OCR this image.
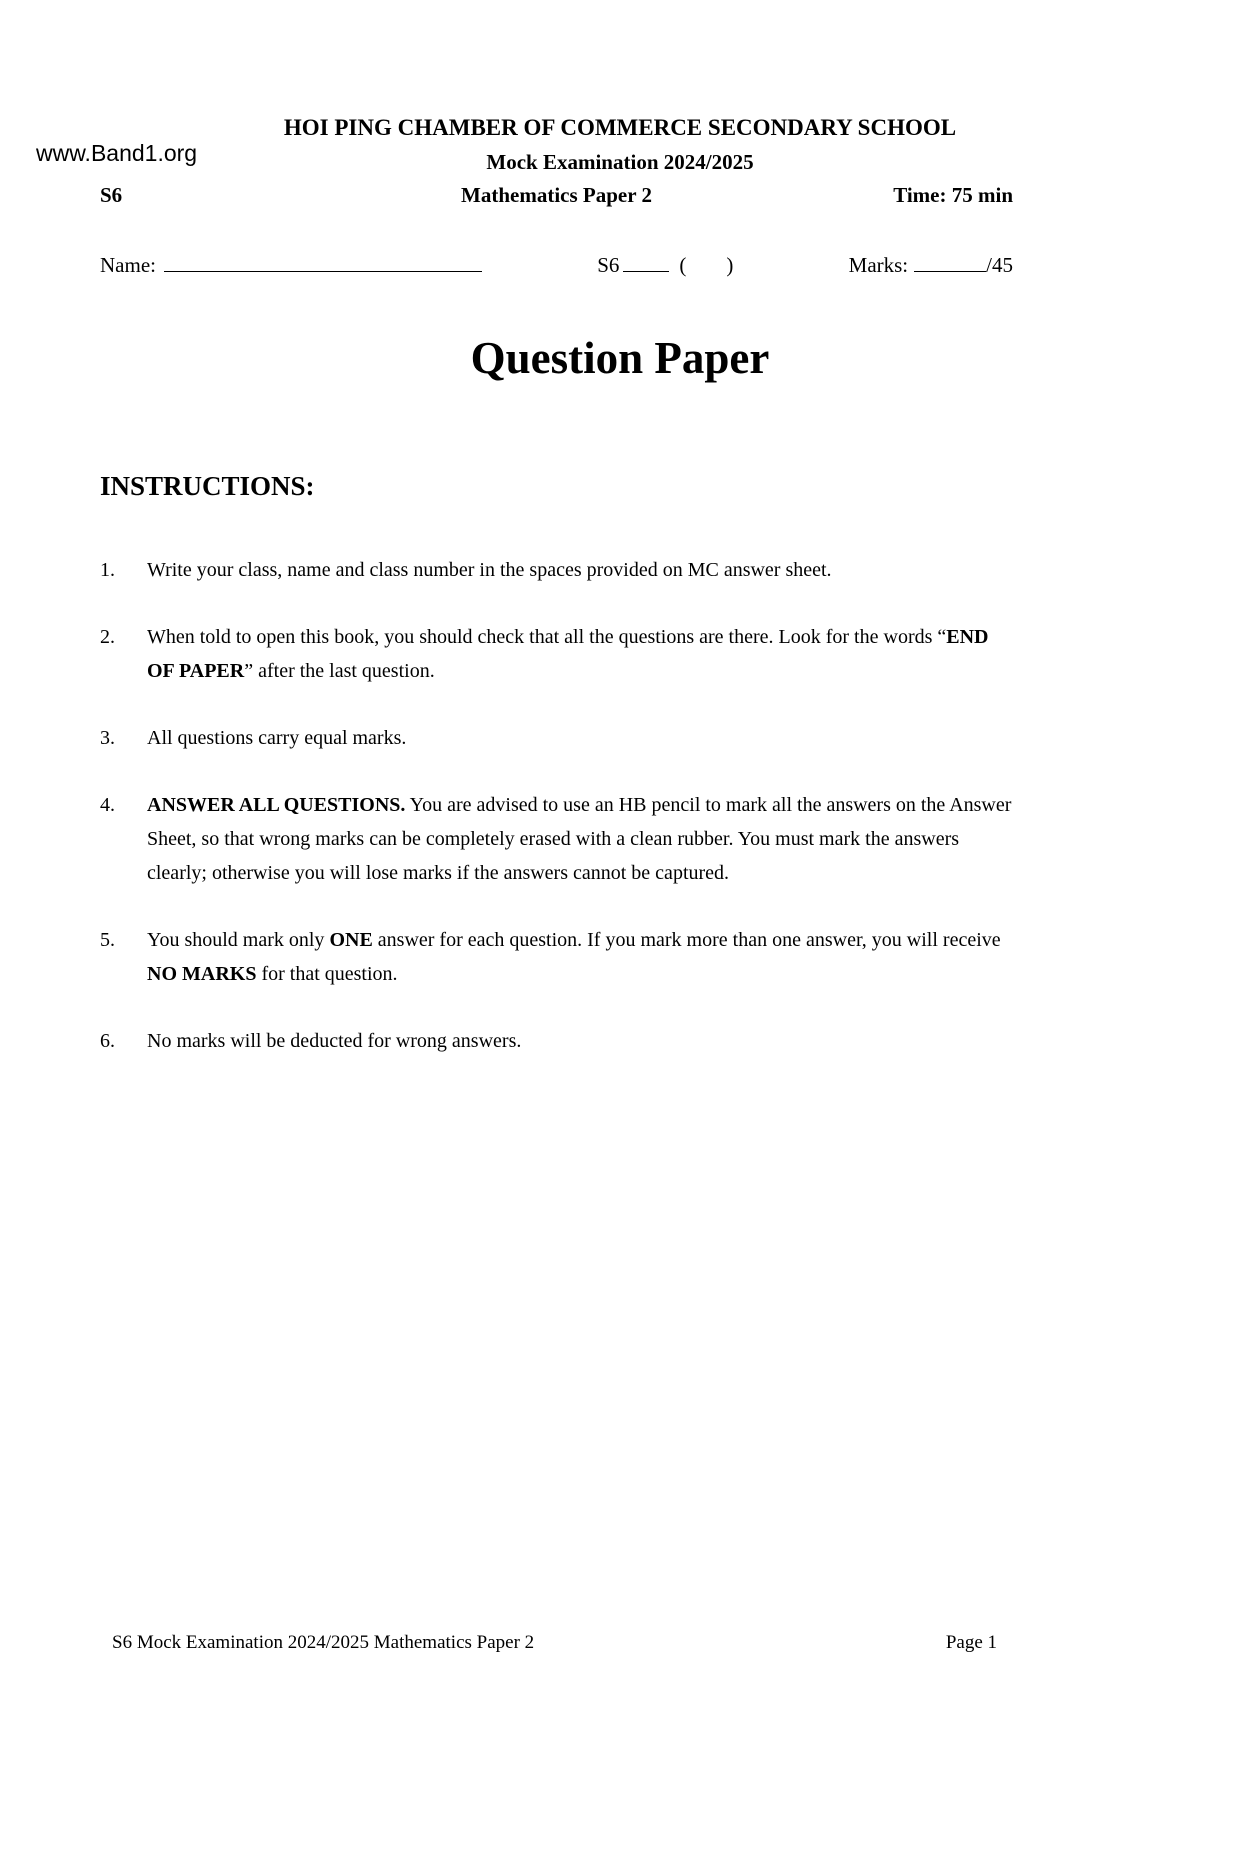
www.Band1.org
HOI PING CHAMBER OF COMMERCE SECONDARY SCHOOL
Mock Examination 2024/2025
S6	Mathematics Paper 2	Time: 75 min
Name:	S6	( )	Marks:	/45
Question Paper
INSTRUCTIONS:
1.	Write your class, name and class number in the spaces provided on MC answer sheet.
2.	When told to open this book, you should check that all the questions are there. Look for the words “END OF PAPER” after the last question.
3.	All questions carry equal marks.
4.	ANSWER ALL QUESTIONS. You are advised to use an HB pencil to mark all the answers on the Answer Sheet, so that wrong marks can be completely erased with a clean rubber. You must mark the answers clearly; otherwise you will lose marks if the answers cannot be captured.
5.	You should mark only ONE answer for each question. If you mark more than one answer, you will receive NO MARKS for that question.
6.	No marks will be deducted for wrong answers.
S6 Mock Examination 2024/2025 Mathematics Paper 2	Page 1
